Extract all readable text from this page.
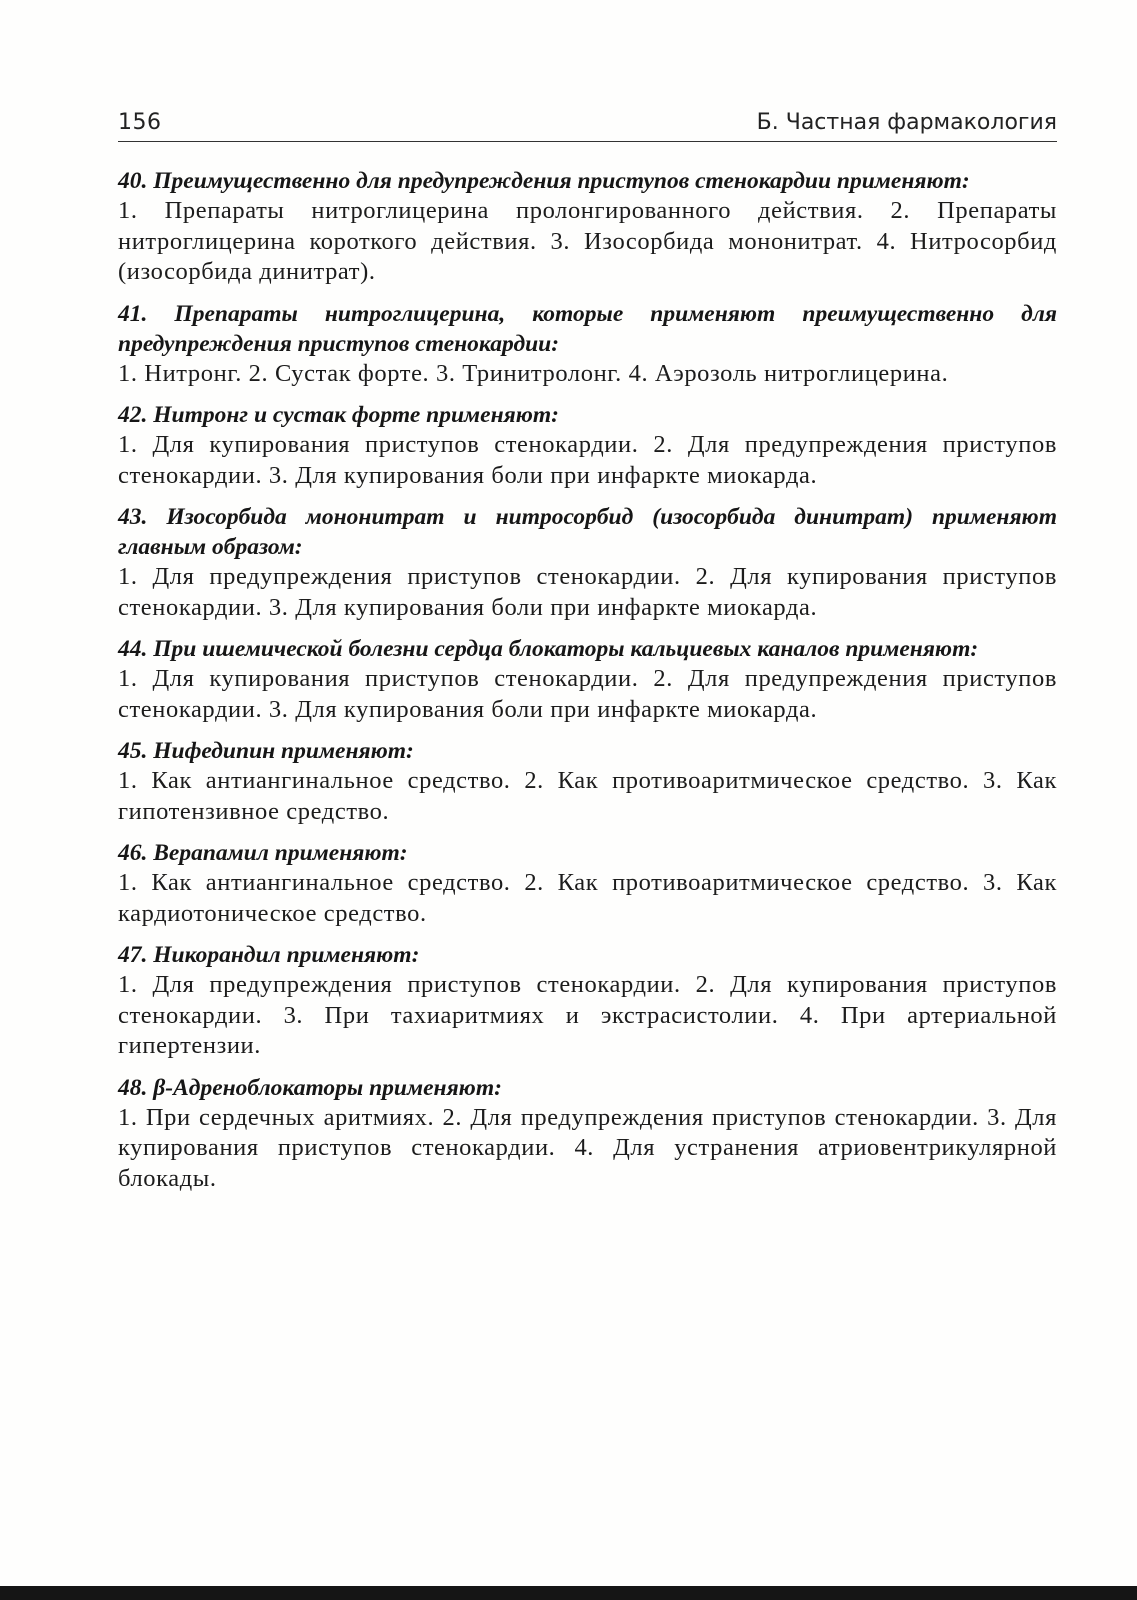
156	Б. Частная фармакология

40. Преимущественно для предупреждения приступов стенокардии применяют:

1. Препараты нитроглицерина пролонгированного действия. 2. Препараты нитроглицерина короткого действия. 3. Изосорбида мононитрат. 4. Нитросорбид (изосорбида динитрат).

41. Препараты нитроглицерина, которые применяют преимущественно для предупреждения приступов стенокардии:

1. Нитронг. 2. Сустак форте. 3. Тринитролонг. 4. Аэрозоль нитроглицерина.

42. Нитронг и сустак форте применяют:

1. Для купирования приступов стенокардии. 2. Для предупреждения приступов стенокардии. 3. Для купирования боли при инфаркте миокарда.

43. Изосорбида мононитрат и нитросорбид (изосорбида динитрат) применяют главным образом:

1. Для предупреждения приступов стенокардии. 2. Для купирования приступов стенокардии. 3. Для купирования боли при инфаркте миокарда.

44. При ишемической болезни сердца блокаторы кальциевых каналов применяют:

1. Для купирования приступов стенокардии. 2. Для предупреждения приступов стенокардии. 3. Для купирования боли при инфаркте миокарда.

45. Нифедипин применяют:

1. Как антиангинальное средство. 2. Как противоаритмическое средство. 3. Как гипотензивное средство.

46. Верапамил применяют:

1. Как антиангинальное средство. 2. Как противоаритмическое средство. 3. Как кардиотоническое средство.

47. Никорандил применяют:

1. Для предупреждения приступов стенокардии. 2. Для купирования приступов стенокардии. 3. При тахиаритмиях и экстрасистолии. 4. При артериальной гипертензии.

48. β-Адреноблокаторы применяют:

1. При сердечных аритмиях. 2. Для предупреждения приступов стенокардии. 3. Для купирования приступов стенокардии. 4. Для устранения атриовентрикулярной блокады.
